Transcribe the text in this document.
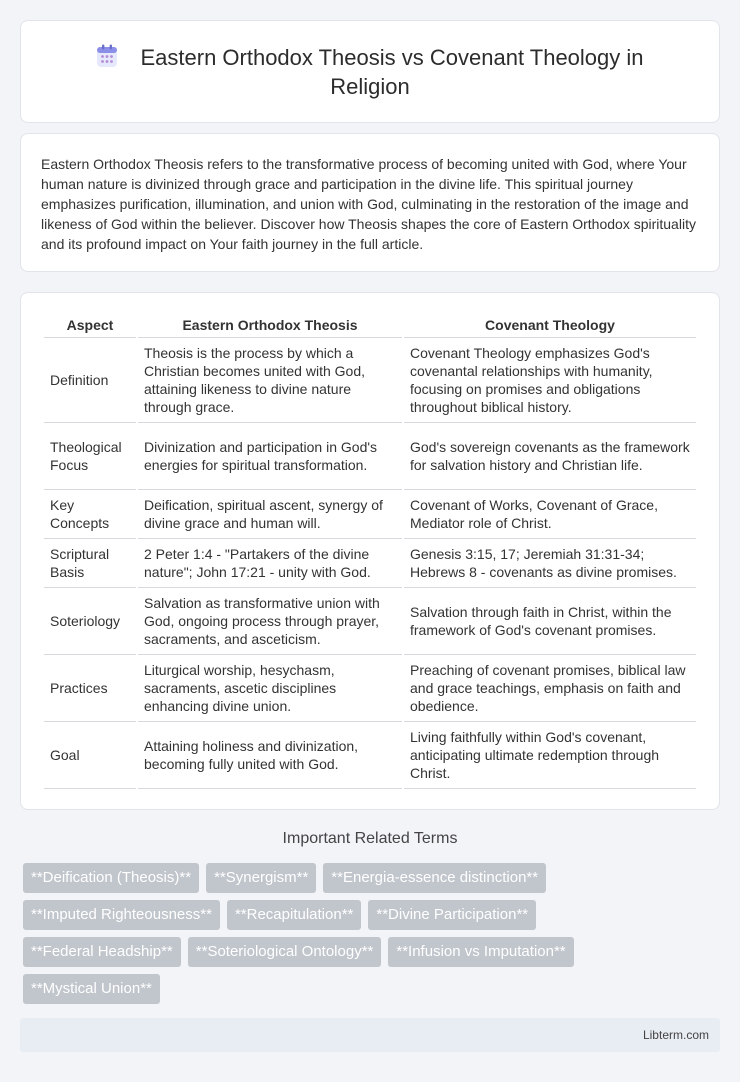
Eastern Orthodox Theosis vs Covenant Theology in Religion

Eastern Orthodox Theosis refers to the transformative process of becoming united with God, where Your human nature is divinized through grace and participation in the divine life. This spiritual journey emphasizes purification, illumination, and union with God, culminating in the restoration of the image and likeness of God within the believer. Discover how Theosis shapes the core of Eastern Orthodox spirituality and its profound impact on Your faith journey in the full article.

Aspect	Eastern Orthodox Theosis	Covenant Theology
Definition	Theosis is the process by which a Christian becomes united with God, attaining likeness to divine nature through grace.	Covenant Theology emphasizes God's covenantal relationships with humanity, focusing on promises and obligations throughout biblical history.
Theological Focus	Divinization and participation in God's energies for spiritual transformation.	God's sovereign covenants as the framework for salvation history and Christian life.
Key Concepts	Deification, spiritual ascent, synergy of divine grace and human will.	Covenant of Works, Covenant of Grace, Mediator role of Christ.
Scriptural Basis	2 Peter 1:4 - "Partakers of the divine nature"; John 17:21 - unity with God.	Genesis 3:15, 17; Jeremiah 31:31-34; Hebrews 8 - covenants as divine promises.
Soteriology	Salvation as transformative union with God, ongoing process through prayer, sacraments, and asceticism.	Salvation through faith in Christ, within the framework of God's covenant promises.
Practices	Liturgical worship, hesychasm, sacraments, ascetic disciplines enhancing divine union.	Preaching of covenant promises, biblical law and grace teachings, emphasis on faith and obedience.
Goal	Attaining holiness and divinization, becoming fully united with God.	Living faithfully within God's covenant, anticipating ultimate redemption through Christ.
Important Related Terms
**Deification (Theosis)**	**Synergism**	**Energia-essence distinction**
**Imputed Righteousness**	**Recapitulation**	**Divine Participation**
**Federal Headship**	**Soteriological Ontology**	**Infusion vs Imputation**
**Mystical Union**
Libterm.com
